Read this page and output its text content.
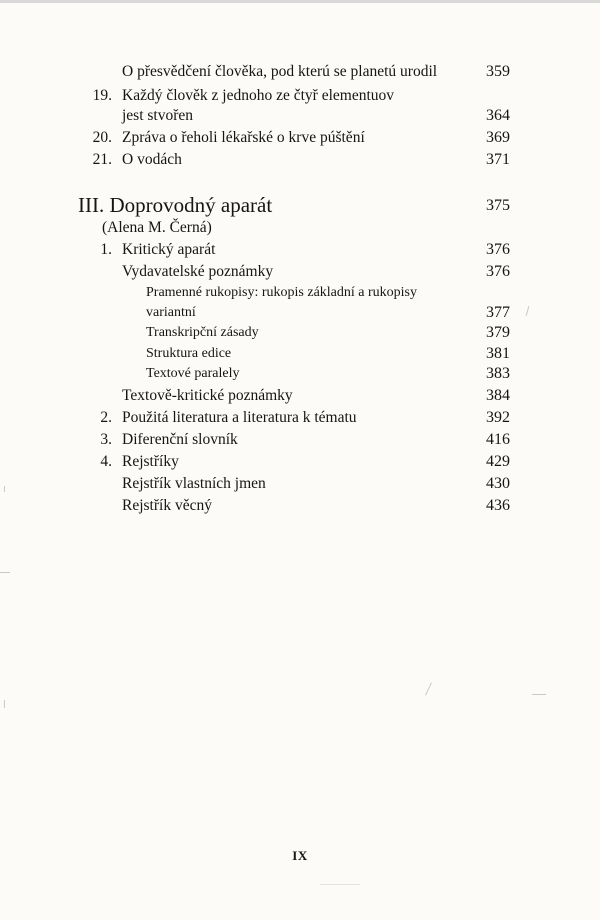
O přesvědčení člověka, pod kterú se planetú urodil	359
19. Každý člověk z jednoho ze čtyř elementuov
jest stvořen	364
20. Zpráva o řeholi lékařské o krve púštění	369
21. O vodách	371
III. Doprovodný aparát	375
(Alena M. Černá)
1. Kritický aparát	376
Vydavatelské poznámky	376
Pramenné rukopisy: rukopis základní a rukopisy
variantní	377
Transkripční zásady	379
Struktura edice	381
Textové paralely	383
Textově-kritické poznámky	384
2. Použitá literatura a literatura k tématu	392
3. Diferenční slovník	416
4. Rejstříky	429
Rejstřík vlastních jmen	430
Rejstřík věcný	436
IX
